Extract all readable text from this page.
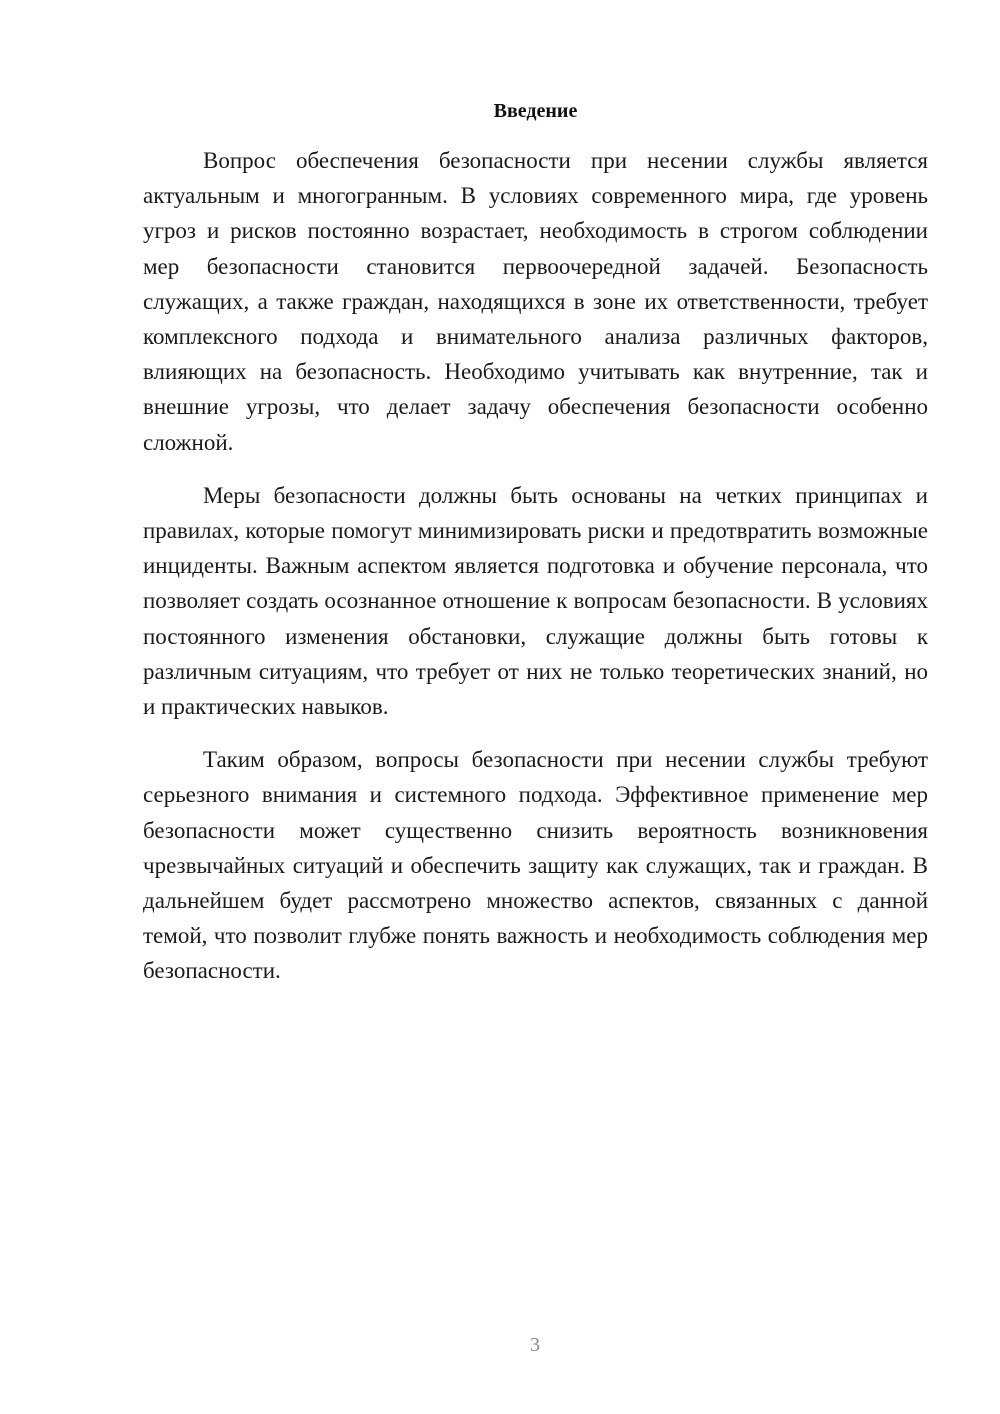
Введение

Вопрос обеспечения безопасности при несении службы является актуальным и многогранным. В условиях современного мира, где уровень угроз и рисков постоянно возрастает, необходимость в строгом соблюдении мер безопасности становится первоочередной задачей. Безопасность служащих, а также граждан, находящихся в зоне их ответственности, требует комплексного подхода и внимательного анализа различных факторов, влияющих на безопасность. Необходимо учитывать как внутренние, так и внешние угрозы, что делает задачу обеспечения безопасности особенно сложной.

Меры безопасности должны быть основаны на четких принципах и правилах, которые помогут минимизировать риски и предотвратить возможные инциденты. Важным аспектом является подготовка и обучение персонала, что позволяет создать осознанное отношение к вопросам безопасности. В условиях постоянного изменения обстановки, служащие должны быть готовы к различным ситуациям, что требует от них не только теоретических знаний, но и практических навыков.

Таким образом, вопросы безопасности при несении службы требуют серьезного внимания и системного подхода. Эффективное применение мер безопасности может существенно снизить вероятность возникновения чрезвычайных ситуаций и обеспечить защиту как служащих, так и граждан. В дальнейшем будет рассмотрено множество аспектов, связанных с данной темой, что позволит глубже понять важность и необходимость соблюдения мер безопасности.

3
